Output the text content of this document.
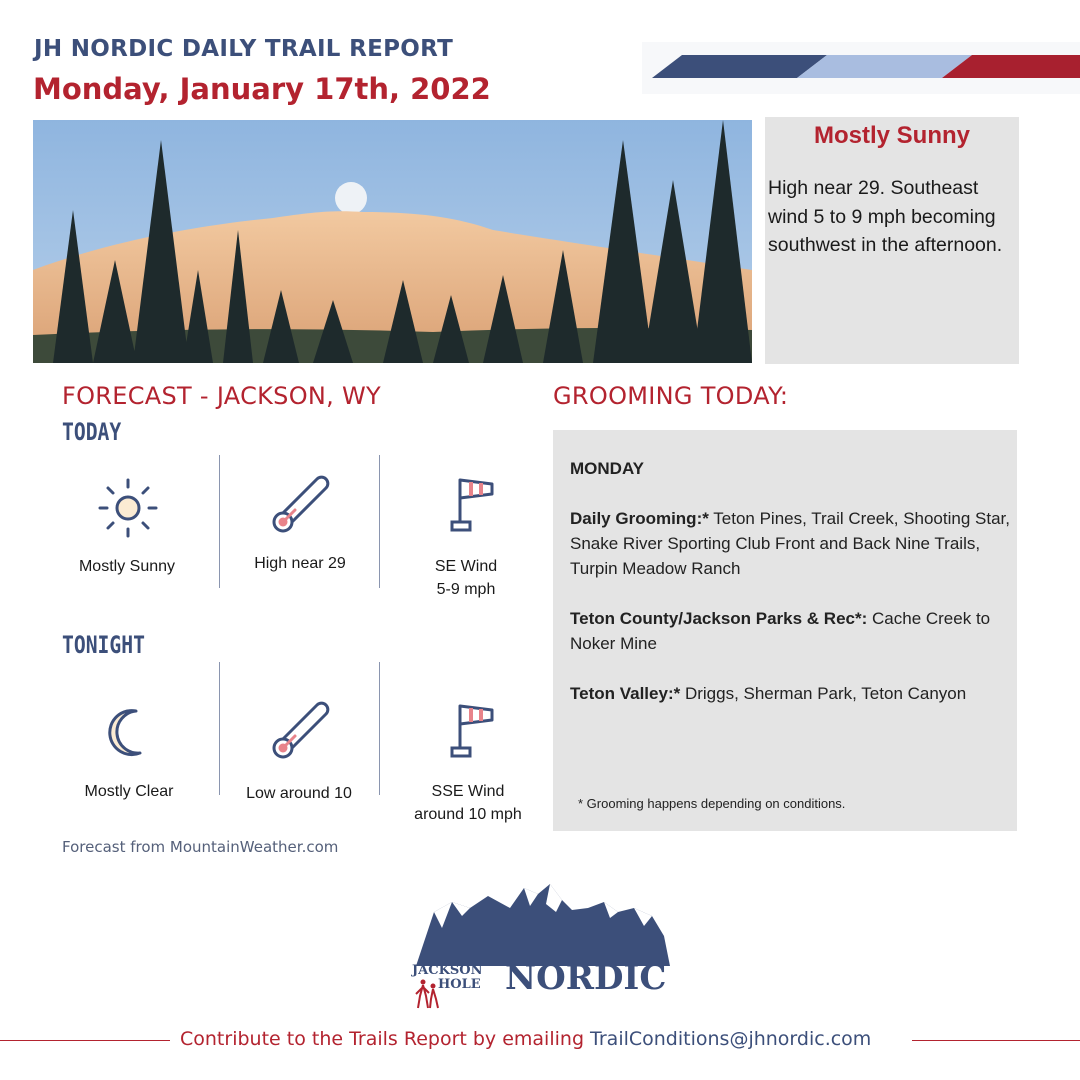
JH NORDIC DAILY TRAIL REPORT
Monday, January 17th, 2022
Mostly Sunny
High near 29. Southeast wind 5 to 9 mph becoming southwest in the afternoon.
FORECAST - JACKSON, WY
TODAY
TONIGHT
Mostly Sunny	High near 29	SE Wind
5-9 mph
Mostly Clear	Low around 10	SSE Wind
around 10 mph
Forecast from MountainWeather.com
GROOMING TODAY:

MONDAY

Daily Grooming:* Teton Pines, Trail Creek, Shooting Star, Snake River Sporting Club Front and Back Nine Trails, Turpin Meadow Ranch

Teton County/Jackson Parks & Rec*: Cache Creek to Noker Mine

Teton Valley:* Driggs, Sherman Park, Teton Canyon

* Grooming happens depending on conditions.
JACKSON
HOLE NORDIC
Contribute to the Trails Report by emailing TrailConditions@jhnordic.com
